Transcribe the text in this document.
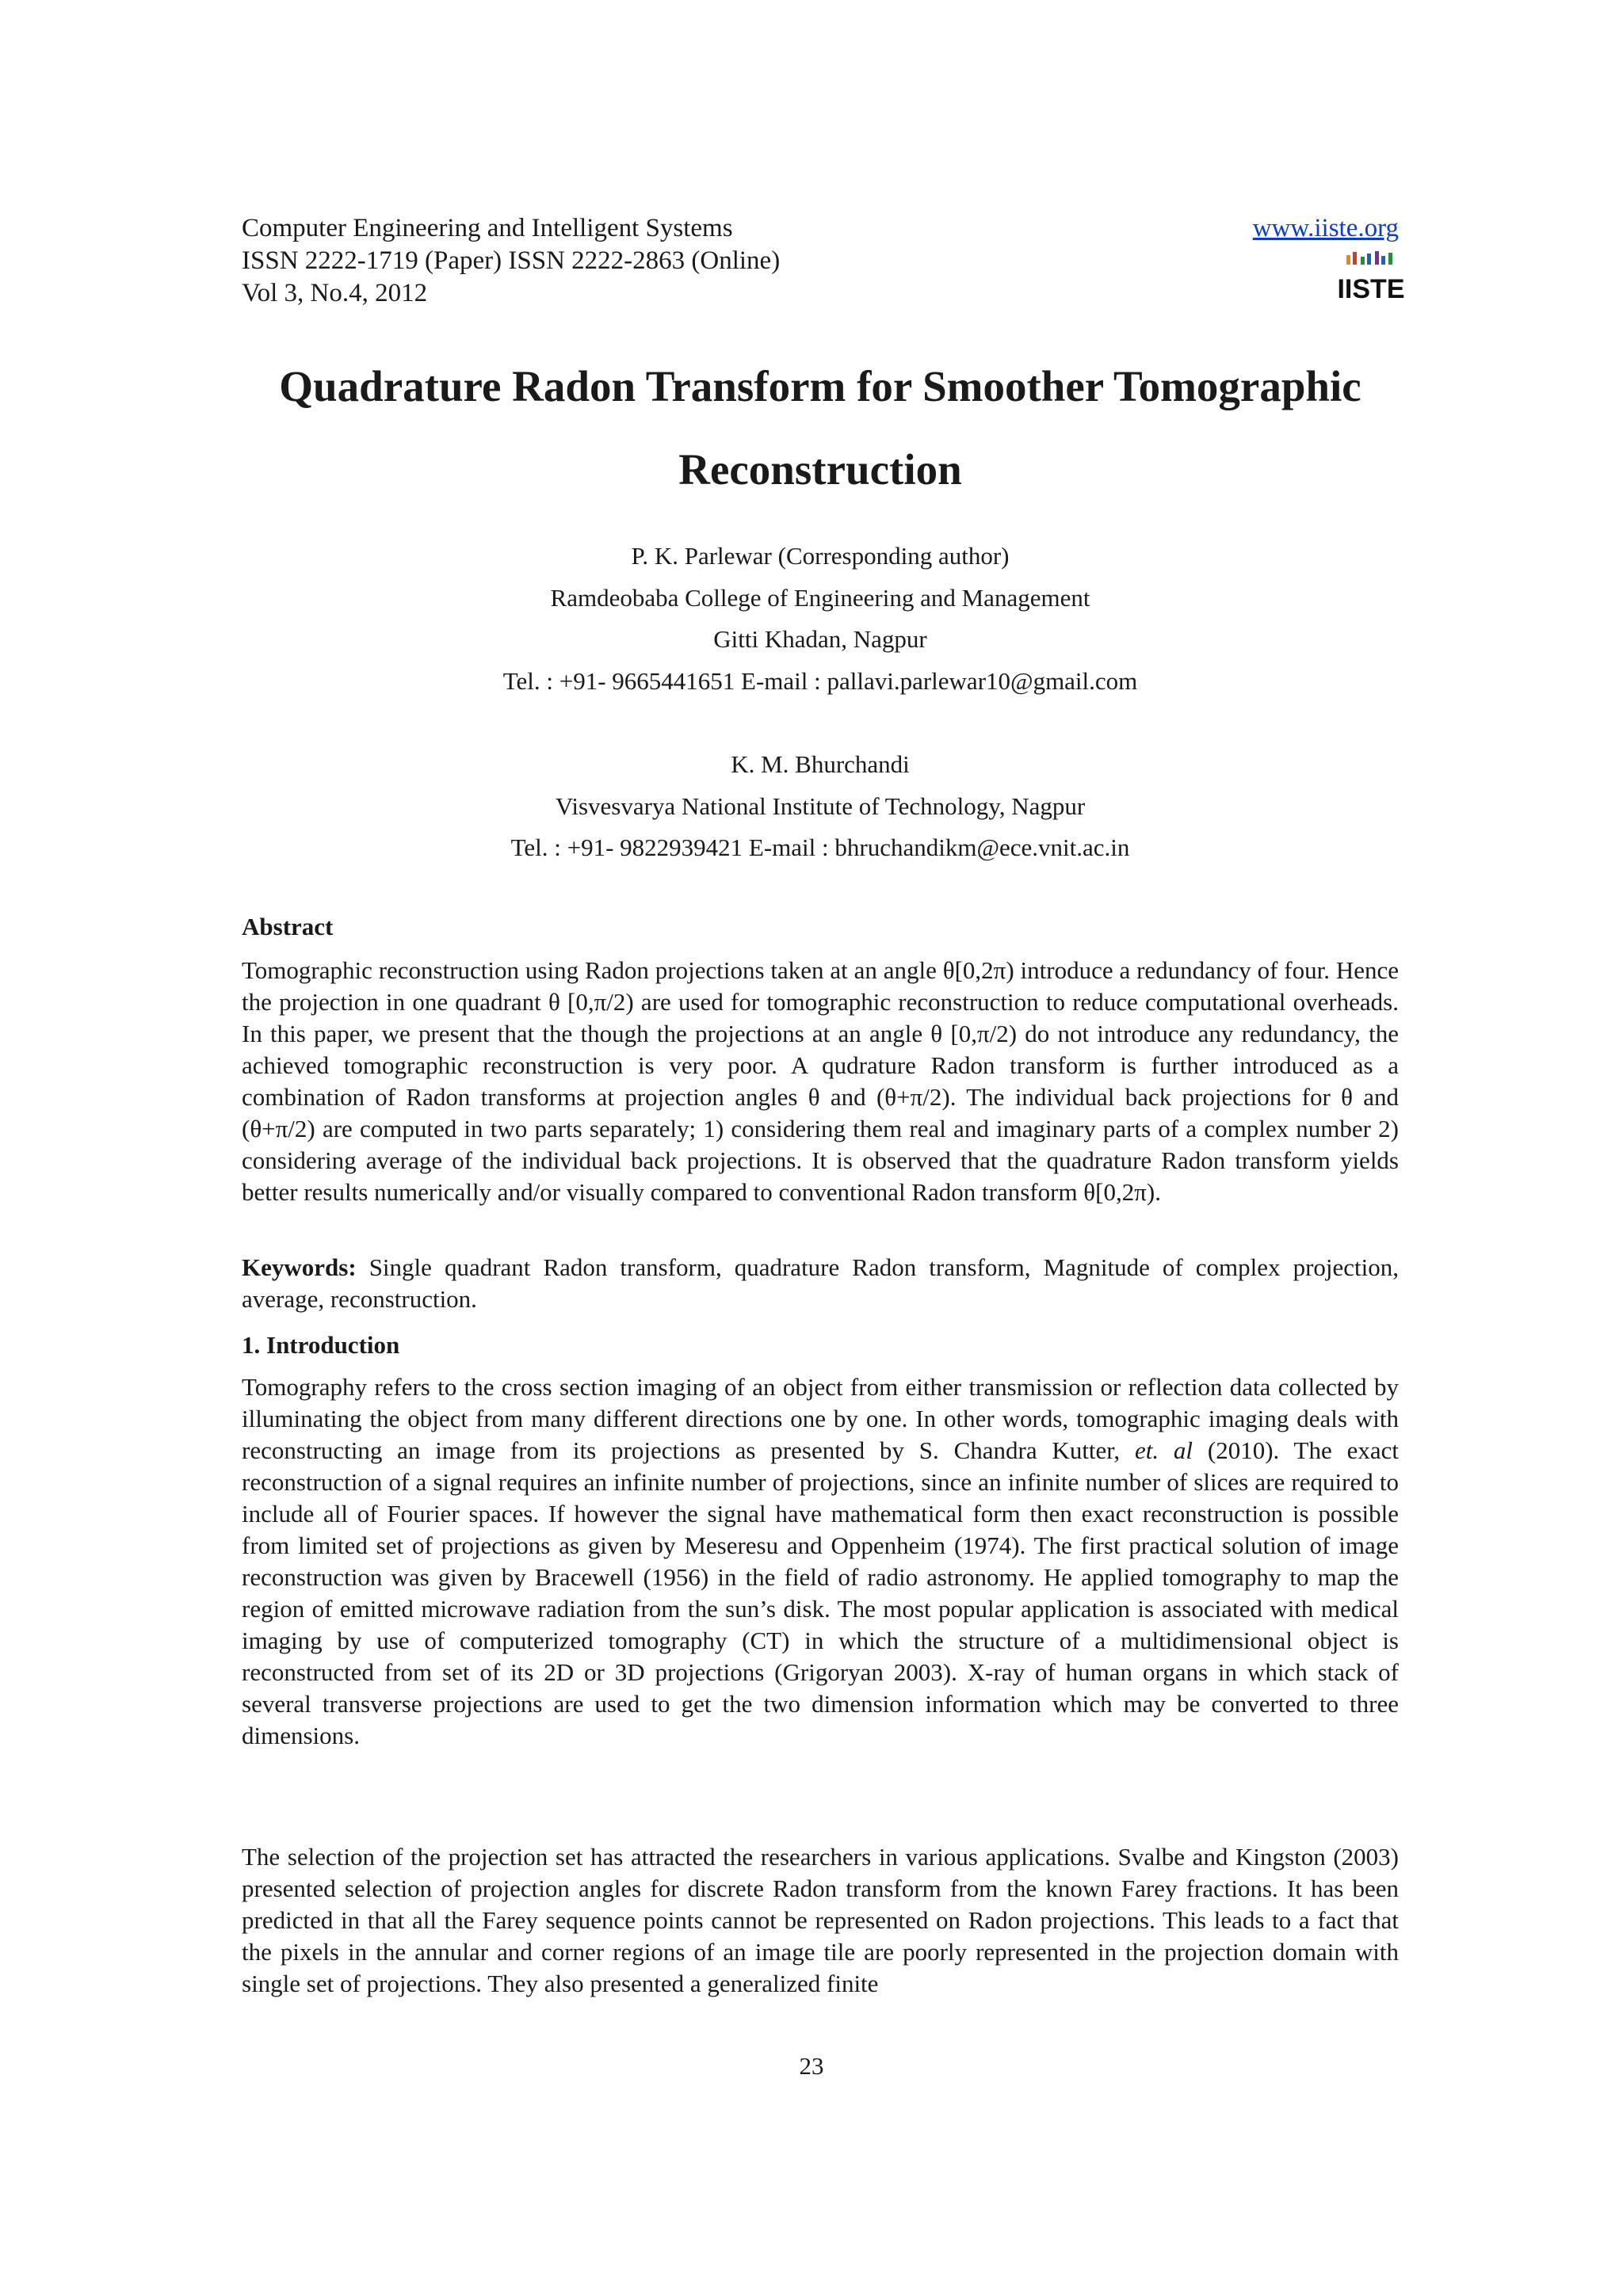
Computer Engineering and Intelligent Systems
ISSN 2222-1719 (Paper) ISSN 2222-2863 (Online)
Vol 3, No.4, 2012
www.iiste.org
IISTE
Quadrature Radon Transform for Smoother Tomographic
Reconstruction
P. K. Parlewar (Corresponding author)
Ramdeobaba College of Engineering and Management
Gitti Khadan, Nagpur
Tel. : +91- 9665441651 E-mail : pallavi.parlewar10@gmail.com
K. M. Bhurchandi
Visvesvarya National Institute of Technology, Nagpur
Tel. : +91- 9822939421 E-mail : bhruchandikm@ece.vnit.ac.in
Abstract
Tomographic reconstruction using Radon projections taken at an angle θ[0,2π) introduce a redundancy of four. Hence the projection in one quadrant θ [0,π/2) are used for tomographic reconstruction to reduce computational overheads. In this paper, we present that the though the projections at an angle θ [0,π/2) do not introduce any redundancy, the achieved tomographic reconstruction is very poor. A qudrature Radon transform is further introduced as a combination of Radon transforms at projection angles θ and (θ+π/2). The individual back projections for θ and (θ+π/2) are computed in two parts separately; 1) considering them real and imaginary parts of a complex number 2) considering average of the individual back projections. It is observed that the quadrature Radon transform yields better results numerically and/or visually compared to conventional Radon transform θ[0,2π).
Keywords: Single quadrant Radon transform, quadrature Radon transform, Magnitude of complex projection, average, reconstruction.
1. Introduction
Tomography refers to the cross section imaging of an object from either transmission or reflection data collected by illuminating the object from many different directions one by one. In other words, tomographic imaging deals with reconstructing an image from its projections as presented by S. Chandra Kutter, et. al (2010). The exact reconstruction of a signal requires an infinite number of projections, since an infinite number of slices are required to include all of Fourier spaces. If however the signal have mathematical form then exact reconstruction is possible from limited set of projections as given by Meseresu and Oppenheim (1974). The first practical solution of image reconstruction was given by Bracewell (1956) in the field of radio astronomy. He applied tomography to map the region of emitted microwave radiation from the sun’s disk. The most popular application is associated with medical imaging by use of computerized tomography (CT) in which the structure of a multidimensional object is reconstructed from set of its 2D or 3D projections (Grigoryan 2003). X-ray of human organs in which stack of several transverse projections are used to get the two dimension information which may be converted to three dimensions.
The selection of the projection set has attracted the researchers in various applications. Svalbe and Kingston (2003) presented selection of projection angles for discrete Radon transform from the known Farey fractions. It has been predicted in that all the Farey sequence points cannot be represented on Radon projections. This leads to a fact that the pixels in the annular and corner regions of an image tile are poorly represented in the projection domain with single set of projections. They also presented a generalized finite
23
